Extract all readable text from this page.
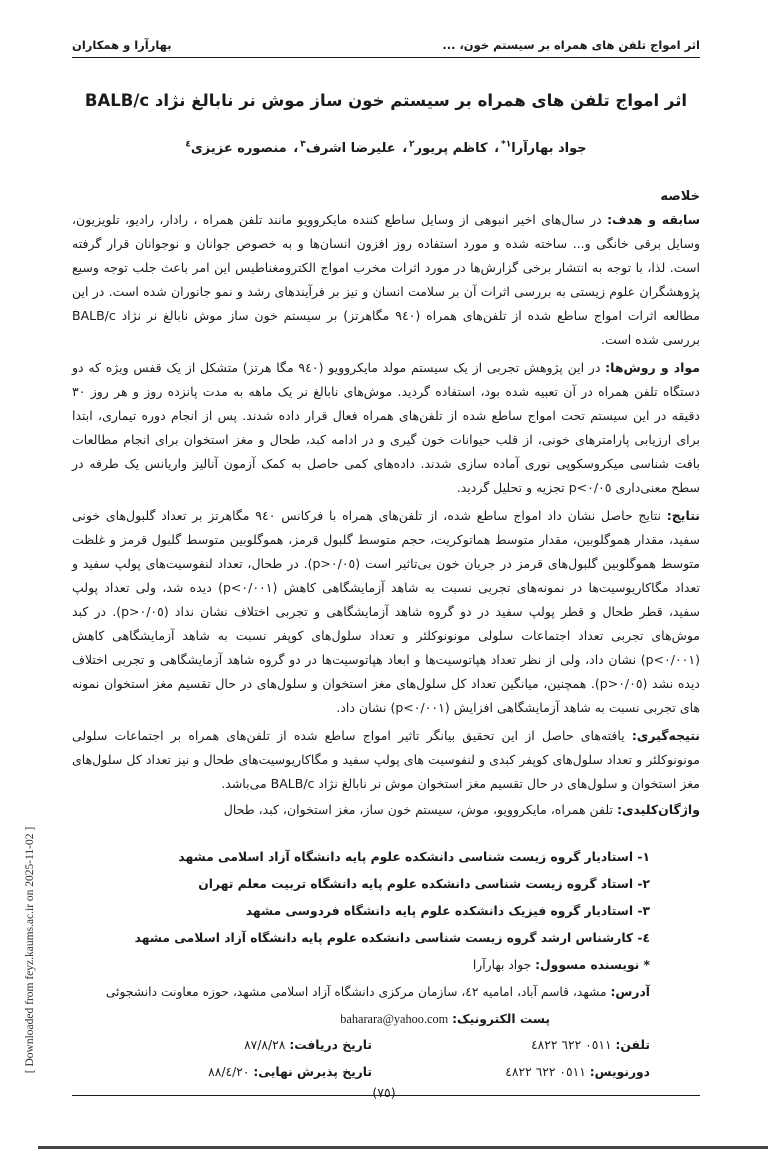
اثر امواج تلفن های همراه بر سیستم خون، ...
بهارآرا و همکاران
اثر امواج تلفن های همراه بر سیستم خون ساز موش نر نابالغ نژاد BALB/c
جواد بهارآرا$^{*١}$، کاظم پریور$^٢$، علیرضا اشرف$^٣$، منصوره عزیزی$^٤$
خلاصه

سابقه و هدف: در سال‌های اخیر انبوهی از وسایل ساطع کننده مایکروویو مانند تلفن همراه ، رادار، رادیو، تلویزیون، وسایل برقی خانگی و... ساخته شده و مورد استفاده روز افزون انسان‌ها و به خصوص جوانان و نوجوانان قرار گرفته است. لذا، با توجه به انتشار برخی گزارش‌ها در مورد اثرات مخرب امواج الکترومغناطیس این امر باعث جلب توجه وسیع پژوهشگران علوم زیستی به بررسی اثرات آن بر سلامت انسان و نیز بر فرآیندهای رشد و نمو جانوران شده است. در این مطالعه اثرات امواج ساطع شده از تلفن‌های همراه (٩٤٠ مگاهرتز) بر سیستم خون ساز موش نابالغ نر نژاد BALB/c بررسی شده است.

مواد و روش‌ها: در این پژوهش تجربی از یک سیستم مولد مایکروویو (٩٤٠ مگا هرتز) متشکل از یک قفس ویژه که دو دستگاه تلفن همراه در آن تعبیه شده بود، استفاده گردید. موش‌های نابالغ نر یک ماهه به مدت پانزده روز و هر روز ٣٠ دقیقه در این سیستم تحت امواج ساطع شده از تلفن‌های همراه فعال قرار داده شدند. پس از انجام دوره تیماری، ابتدا برای ارزیابی پارامترهای خونی، از قلب حیوانات خون گیری و در ادامه کبد، طحال و مغز استخوان برای انجام مطالعات بافت شناسی میکروسکوپی نوری آماده سازی شدند. داده‌های کمی حاصل به کمک آزمون آنالیز واریانس یک طرفه در سطح معنی‌داری p<٠/٠٥ تجزیه و تحلیل گردید.

نتایج: نتایج حاصل نشان داد امواج ساطع شده، از تلفن‌های همراه با فرکانس ٩٤٠ مگاهرتز بر تعداد گلبول‌های خونی سفید، مقدار هموگلوبین، مقدار متوسط هماتوکریت، حجم متوسط گلبول قرمز، هموگلوبین متوسط گلبول قرمز و غلظت متوسط هموگلوبین گلبول‌های قرمز در جریان خون بی‌تاثیر است (p>٠/٠٥). در طحال، تعداد لنفوسیت‌های پولپ سفید و تعداد مگاکاریوسیت‌ها در نمونه‌های تجربی نسبت به شاهد آزمایشگاهی کاهش (p<٠/٠٠١) دیده شد، ولی تعداد پولپ سفید، قطر طحال و قطر پولپ سفید در دو گروه شاهد آزمایشگاهی و تجربی اختلاف نشان نداد (p>٠/٠٥). در کبد موش‌های تجربی تعداد اجتماعات سلولی مونونوکلئر و تعداد سلول‌های کوپفر نسبت به شاهد آزمایشگاهی کاهش (p<٠/٠٠١) نشان داد، ولی از نظر تعداد هپاتوسیت‌ها و ابعاد هپاتوسیت‌ها در دو گروه شاهد آزمایشگاهی و تجربی اختلاف دیده نشد (p>٠/٠٥). همچنین، میانگین تعداد کل سلول‌های مغز استخوان و سلول‌های در حال تقسیم مغز استخوان نمونه های تجربی نسبت به شاهد آزمایشگاهی افزایش (p<٠/٠٠١) نشان داد.

نتیجه‌گیری: یافته‌های حاصل از این تحقیق بیانگر تاثیر امواج ساطع شده از تلفن‌های همراه بر اجتماعات سلولی مونونوکلئر و تعداد سلول‌های کوپفر کبدی و لنفوسیت های پولپ سفید و مگاکاریوسیت‌های طحال و نیز تعداد کل سلول‌های مغز استخوان و سلول‌های در حال تقسیم مغز استخوان موش نر نابالغ نژاد BALB/c می‌باشد.

واژگان‌کلیدی: تلفن همراه، مایکروویو، موش، سیستم خون ساز، مغز استخوان، کبد، طحال

١- استادیار گروه زیست شناسی دانشکده علوم پایه دانشگاه آزاد اسلامی مشهد
٢- استاد گروه زیست شناسی دانشکده علوم پایه دانشگاه تربیت معلم تهران
٣- استادیار گروه فیزیک دانشکده علوم پایه دانشگاه فردوسی مشهد
٤- کارشناس ارشد گروه زیست شناسی دانشکده علوم پایه دانشگاه آزاد اسلامی مشهد
* نویسنده مسوول: جواد بهارآرا
آدرس: مشهد، قاسم آباد، امامیه ٤٢، سازمان مرکزی دانشگاه آزاد اسلامی مشهد، حوزه معاونت دانشجوئی
پست الکترونیک: baharara@yahoo.com
تلفن: ٠٥١١ ٦٢٢ ٤٨٢٢
تاریخ دریافت: ٨٧/٨/٢٨
دورنویس: ٠٥١١ ٦٢٢ ٤٨٢٢
تاریخ پذیرش نهایی: ٨٨/٤/٢٠
(٧٥)
[ Downloaded from feyz.kaums.ac.ir on 2025-11-02 ]
